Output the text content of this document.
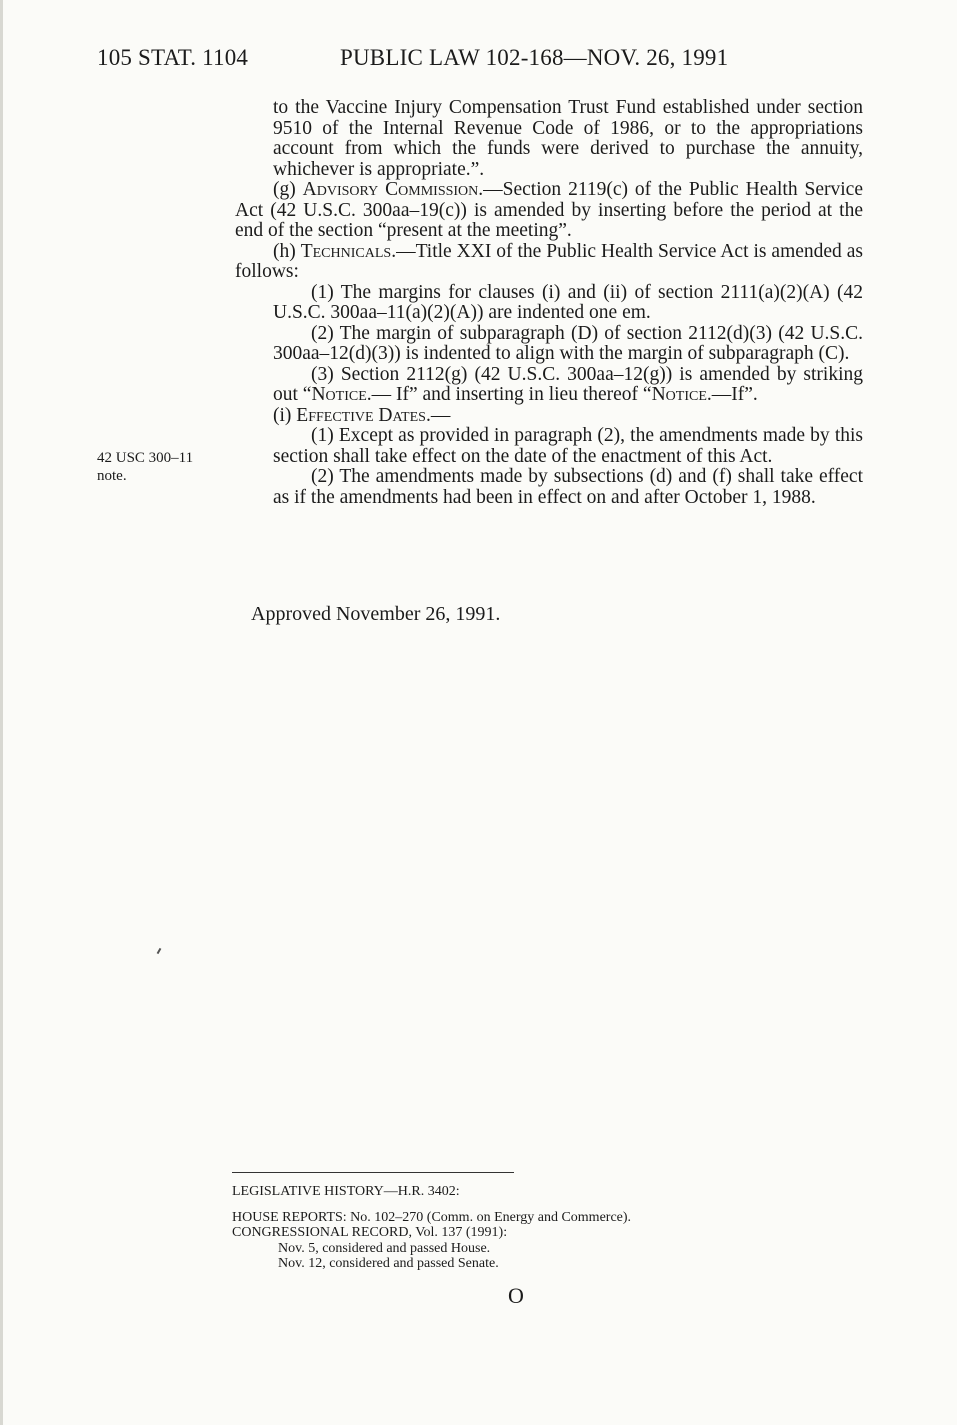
105 STAT. 1104	PUBLIC LAW 102-168—NOV. 26, 1991

to the Vaccine Injury Compensation Trust Fund established under section 9510 of the Internal Revenue Code of 1986, or to the appropriations account from which the funds were derived to purchase the annuity, whichever is appropriate.”.

(g) Advisory Commission.—Section 2119(c) of the Public Health Service Act (42 U.S.C. 300aa–19(c)) is amended by inserting before the period at the end of the section “present at the meeting”.

(h) Technicals.—Title XXI of the Public Health Service Act is amended as follows:

(1) The margins for clauses (i) and (ii) of section 2111(a)(2)(A) (42 U.S.C. 300aa–11(a)(2)(A)) are indented one em.

(2) The margin of subparagraph (D) of section 2112(d)(3) (42 U.S.C. 300aa–12(d)(3)) is indented to align with the margin of subparagraph (C).

(3) Section 2112(g) (42 U.S.C. 300aa–12(g)) is amended by striking out “Notice.— If” and inserting in lieu thereof “Notice.—If”.

(i) Effective Dates.—

(1) Except as provided in paragraph (2), the amendments made by this section shall take effect on the date of the enactment of this Act.

(2) The amendments made by subsections (d) and (f) shall take effect as if the amendments had been in effect on and after October 1, 1988.

42 USC 300–11
note.
Approved November 26, 1991.
LEGISLATIVE HISTORY—H.R. 3402:
HOUSE REPORTS: No. 102–270 (Comm. on Energy and Commerce).
CONGRESSIONAL RECORD, Vol. 137 (1991):
Nov. 5, considered and passed House.
Nov. 12, considered and passed Senate.
O
